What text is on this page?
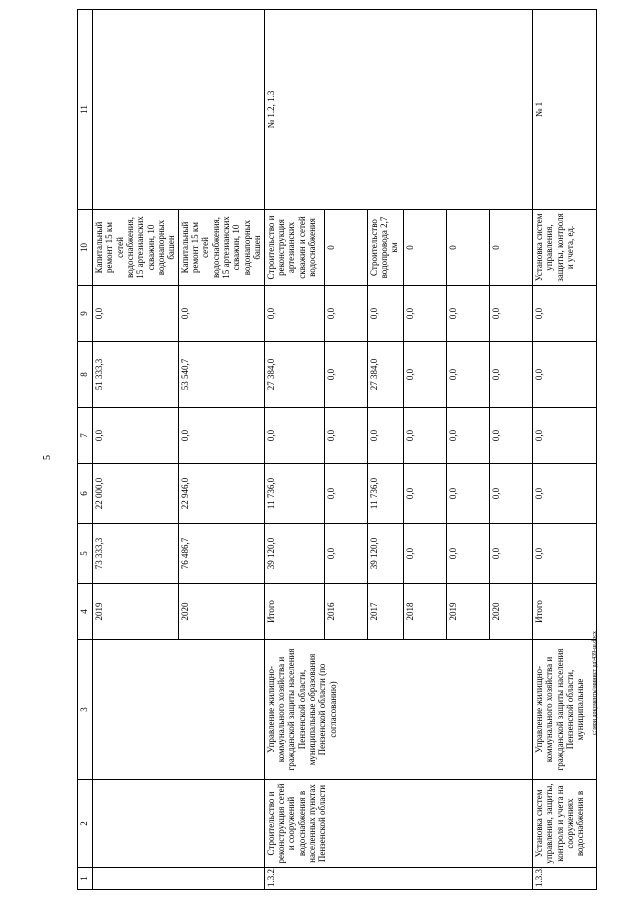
5
1	2	3	4	5	6	7	8	9	10	11
			2019	73 333,3	22 000,0	0,0	51 333,3	0,0	Капитальный ремонт 15 км сетей водоснабжения, 15 артезианских скважин, 10 водонапорных башен	
			2020	76 486,7	22 946,0	0,0	53 540,7	0,0	Капитальный ремонт 15 км сетей водоснабжения, 15 артезианских скважин, 10 водонапорных башен	
1.3.2.	Строительство и реконструкция сетей и сооружений водоснабжения в населенных пунктах Пензенской области	Управление жилищно-коммунального хозяйства и гражданской защиты населения Пензенской области, муниципальные образования Пензенской области (по согласованию)	Итого	39 120,0	11 736,0	0,0	27 384,0	0,0	Строительство и реконструкция артезианских скважин и сетей водоснабжения	№ 1.2, 1.3
			2016	0,0	0,0	0,0	0,0	0,0	0	
			2017	39 120,0	11 736,0	0,0	27 384,0	0,0	Строительство водопровода 2,7 км	
			2018	0,0	0,0	0,0	0,0	0,0	0	
			2019	0,0	0,0	0,0	0,0	0,0	0	
			2020	0,0	0,0	0,0	0,0	0,0	0	
1.3.3.	Установка систем управления, защиты, контроля и учета на сооружениях водоснабжения в	Управление жилищно-коммунального хозяйства и гражданской защиты населения Пензенской области, муниципальные	Итого	0,0	0,0	0,0	0,0	0,0	Установка систем управления, защиты, контроля и учета, ед.	№ 1
c:\мои документы\минист рд\439-ш.docx
